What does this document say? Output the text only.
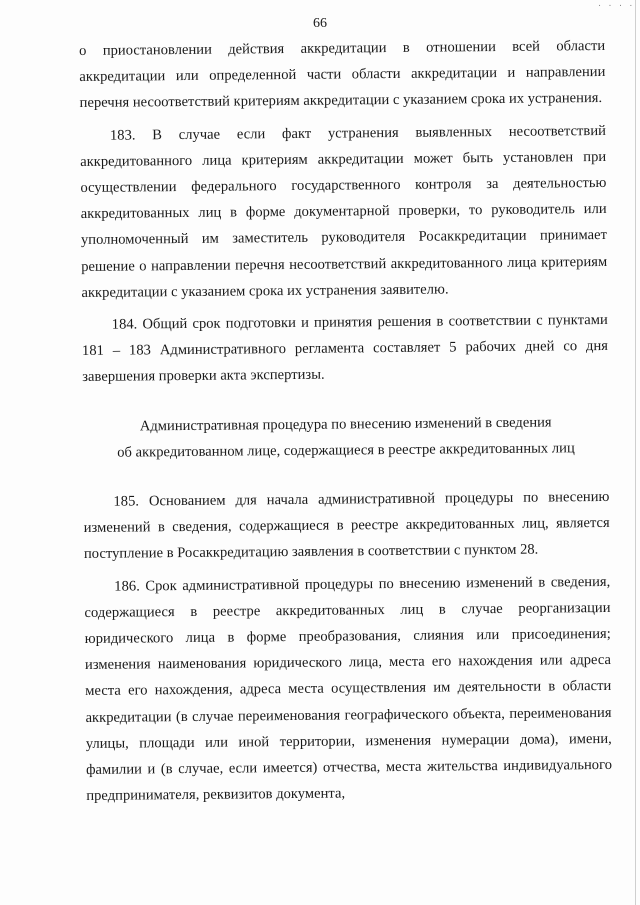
· · · ·
66

о приостановлении действия аккредитации в отношении всей области аккредитации или определенной части области аккредитации и направлении перечня несоответствий критериям аккредитации с указанием срока их устранения.

183. В случае если факт устранения выявленных несоответствий аккредитованного лица критериям аккредитации может быть установлен при осуществлении федерального государственного контроля за деятельностью аккредитованных лиц в форме документарной проверки, то руководитель или уполномоченный им заместитель руководителя Росаккредитации принимает решение о направлении перечня несоответствий аккредитованного лица критериям аккредитации с указанием срока их устранения заявителю.

184. Общий срок подготовки и принятия решения в соответствии с пунктами 181 – 183 Административного регламента составляет 5 рабочих дней со дня завершения проверки акта экспертизы.

Административная процедура по внесению изменений в сведения

об аккредитованном лице, содержащиеся в реестре аккредитованных лиц

185. Основанием для начала административной процедуры по внесению изменений в сведения, содержащиеся в реестре аккредитованных лиц, является поступление в Росаккредитацию заявления в соответствии с пунктом 28.

186. Срок административной процедуры по внесению изменений в сведения, содержащиеся в реестре аккредитованных лиц в случае реорганизации юридического лица в форме преобразования, слияния или присоединения; изменения наименования юридического лица, места его нахождения или адреса места его нахождения, адреса места осуществления им деятельности в области аккредитации (в случае переименования географического объекта, переименования улицы, площади или иной территории, изменения нумерации дома), имени, фамилии и (в случае, если имеется) отчества, места жительства индивидуального предпринимателя, реквизитов документа,
